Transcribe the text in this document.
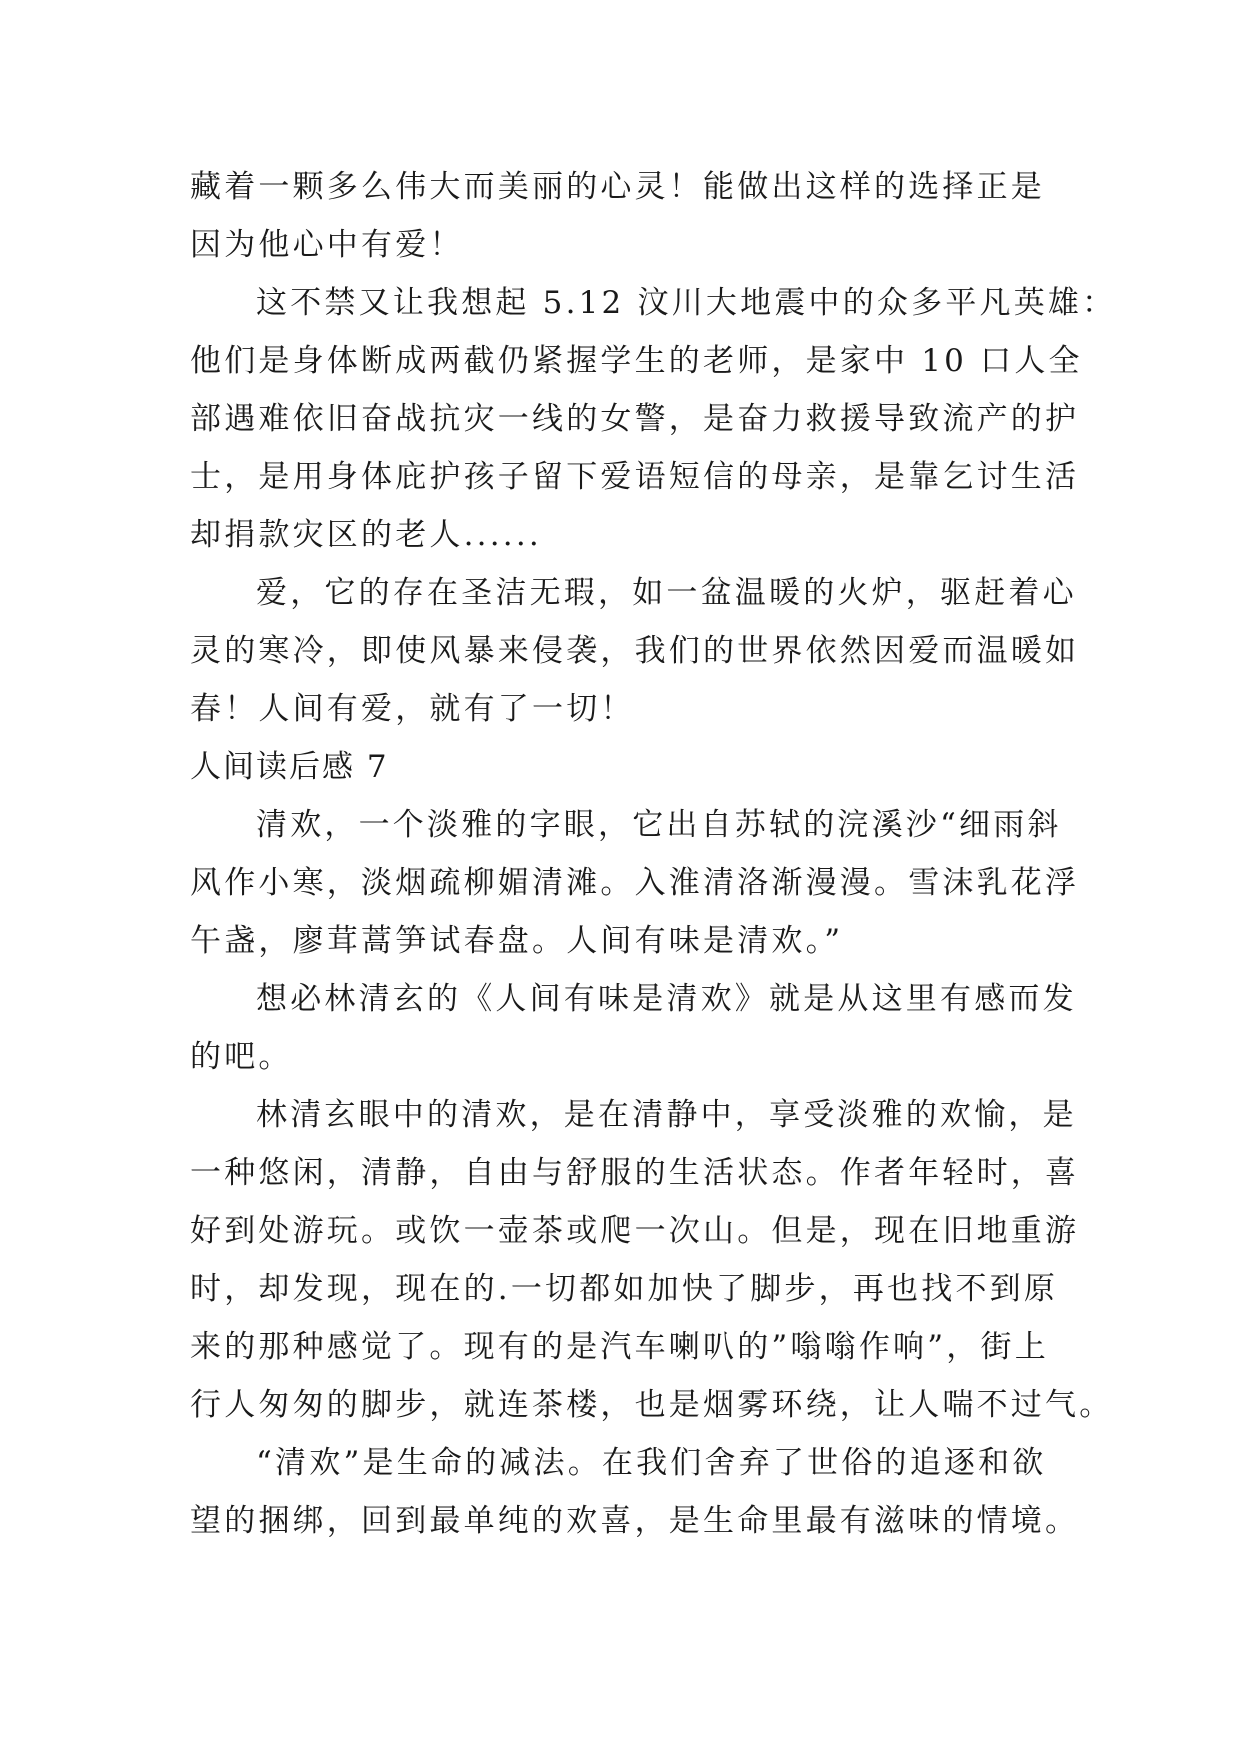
藏着一颗多么伟大而美丽的心灵！能做出这样的选择正是
因为他心中有爱！
这不禁又让我想起 5.12 汶川大地震中的众多平凡英雄：
他们是身体断成两截仍紧握学生的老师，是家中 10 口人全
部遇难依旧奋战抗灾一线的女警，是奋力救援导致流产的护
士，是用身体庇护孩子留下爱语短信的母亲，是靠乞讨生活
却捐款灾区的老人......
爱，它的存在圣洁无瑕，如一盆温暖的火炉，驱赶着心
灵的寒冷，即使风暴来侵袭，我们的世界依然因爱而温暖如
春！人间有爱，就有了一切！
人间读后感 7
清欢，一个淡雅的字眼，它出自苏轼的浣溪沙“细雨斜
风作小寒，淡烟疏柳媚清滩。入淮清洛渐漫漫。雪沫乳花浮
午盏，廖茸蒿笋试春盘。人间有味是清欢。”
想必林清玄的《人间有味是清欢》就是从这里有感而发
的吧。
林清玄眼中的清欢，是在清静中，享受淡雅的欢愉，是
一种悠闲，清静，自由与舒服的生活状态。作者年轻时，喜
好到处游玩。或饮一壶茶或爬一次山。但是，现在旧地重游
时，却发现，现在的.一切都如加快了脚步，再也找不到原
来的那种感觉了。现有的是汽车喇叭的”嗡嗡作响”，街上
行人匆匆的脚步，就连茶楼，也是烟雾环绕，让人喘不过气。
“清欢”是生命的减法。在我们舍弃了世俗的追逐和欲
望的捆绑，回到最单纯的欢喜，是生命里最有滋味的情境。
